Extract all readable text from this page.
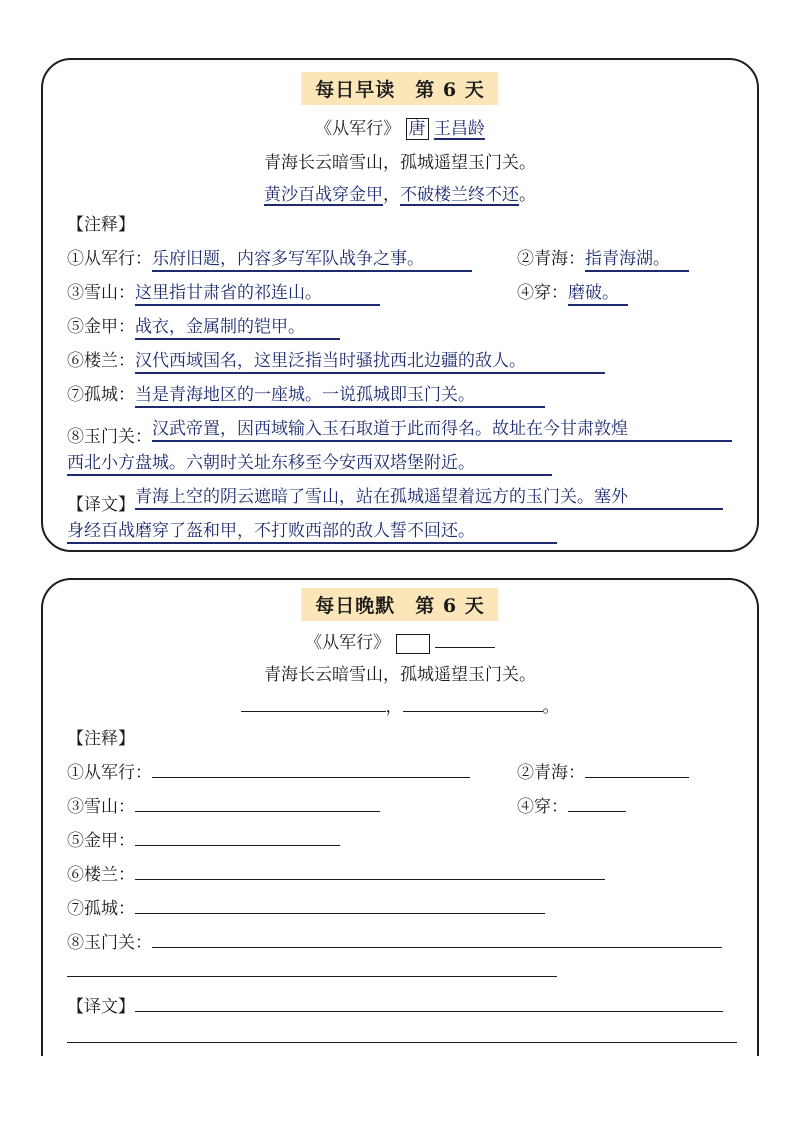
每日早读　第 6 天
《从军行》 唐 王昌龄
青海长云暗雪山，孤城遥望玉门关。
黄沙百战穿金甲，不破楼兰终不还。
【注释】
①从军行：乐府旧题，内容多写军队战争之事。	②青海：指青海湖。
③雪山：这里指甘肃省的祁连山。	④穿：磨破。
⑤金甲：战衣，金属制的铠甲。
⑥楼兰：汉代西域国名，这里泛指当时骚扰西北边疆的敌人。
⑦孤城：当是青海地区的一座城。一说孤城即玉门关。
⑧玉门关：汉武帝置，因西域输入玉石取道于此而得名。故址在今甘肃敦煌
西北小方盘城。六朝时关址东移至今安西双塔堡附近。
【译文】青海上空的阴云遮暗了雪山，站在孤城遥望着远方的玉门关。塞外
身经百战磨穿了盔和甲，不打败西部的敌人誓不回还。
每日晚默　第 6 天
《从军行》
青海长云暗雪山，孤城遥望玉门关。
，	。
【注释】
①从军行：	②青海：
③雪山：	④穿：
⑤金甲：
⑥楼兰：
⑦孤城：
⑧玉门关：
【译文】
